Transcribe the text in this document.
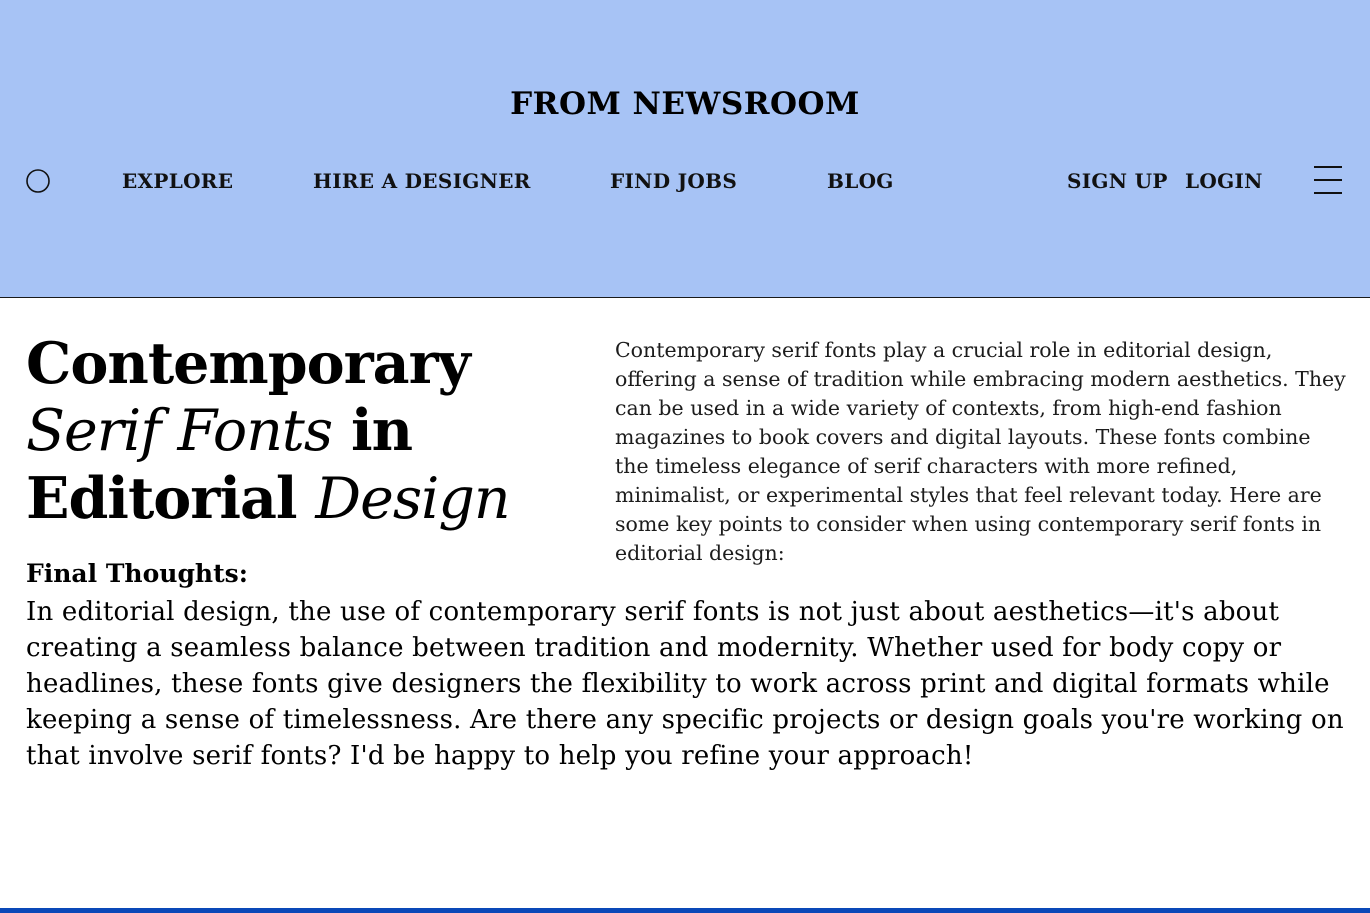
FROM NEWSROOM
EXPLORE	HIRE A DESIGNER	FIND JOBS	BLOG	SIGN UP LOGIN
Contemporary
Serif Fonts in
Editorial Design

Contemporary serif fonts play a crucial role in editorial design, offering a sense of tradition while embracing modern aesthetics. They can be used in a wide variety of contexts, from high-end fashion magazines to book covers and digital layouts. These fonts combine the timeless elegance of serif characters with more refined, minimalist, or experimental styles that feel relevant today. Here are some key points to consider when using contemporary serif fonts in editorial design:

Final Thoughts:

In editorial design, the use of contemporary serif fonts is not just about aesthetics—it's about creating a seamless balance between tradition and modernity. Whether used for body copy or headlines, these fonts give designers the flexibility to work across print and digital formats while keeping a sense of timelessness. Are there any specific projects or design goals you're working on that involve serif fonts? I'd be happy to help you refine your approach!
